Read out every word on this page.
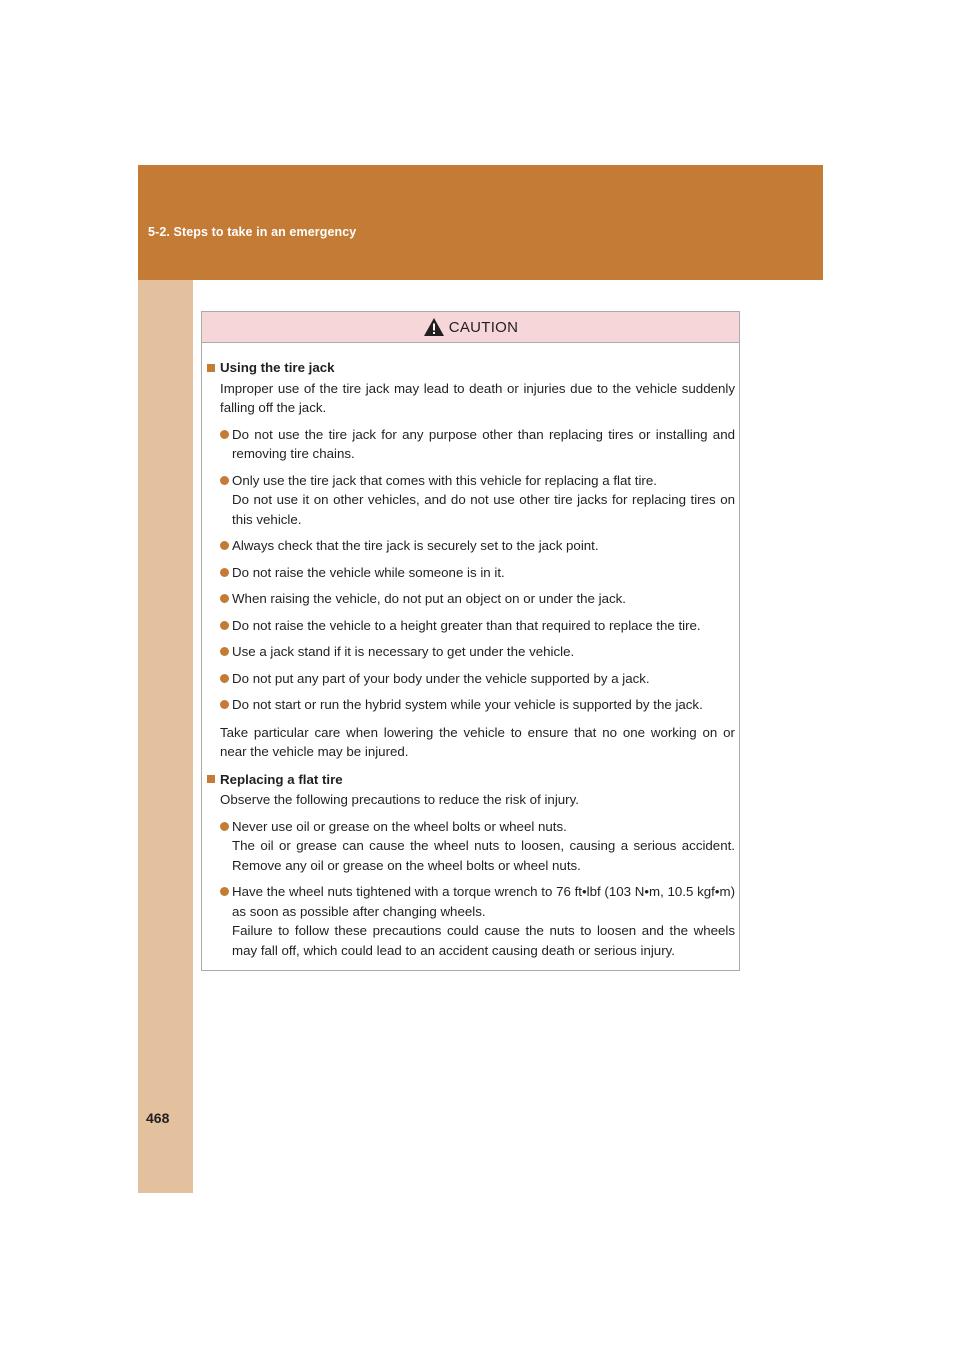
5-2. Steps to take in an emergency
CAUTION
Using the tire jack
Improper use of the tire jack may lead to death or injuries due to the vehicle suddenly falling off the jack.
Do not use the tire jack for any purpose other than replacing tires or installing and removing tire chains.
Only use the tire jack that comes with this vehicle for replacing a flat tire.
Do not use it on other vehicles, and do not use other tire jacks for replacing tires on this vehicle.
Always check that the tire jack is securely set to the jack point.
Do not raise the vehicle while someone is in it.
When raising the vehicle, do not put an object on or under the jack.
Do not raise the vehicle to a height greater than that required to replace the tire.
Use a jack stand if it is necessary to get under the vehicle.
Do not put any part of your body under the vehicle supported by a jack.
Do not start or run the hybrid system while your vehicle is supported by the jack.
Take particular care when lowering the vehicle to ensure that no one working on or near the vehicle may be injured.
Replacing a flat tire
Observe the following precautions to reduce the risk of injury.
Never use oil or grease on the wheel bolts or wheel nuts.
The oil or grease can cause the wheel nuts to loosen, causing a serious accident. Remove any oil or grease on the wheel bolts or wheel nuts.
Have the wheel nuts tightened with a torque wrench to 76 ft•lbf (103 N•m, 10.5 kgf•m) as soon as possible after changing wheels.
Failure to follow these precautions could cause the nuts to loosen and the wheels may fall off, which could lead to an accident causing death or serious injury.
468
